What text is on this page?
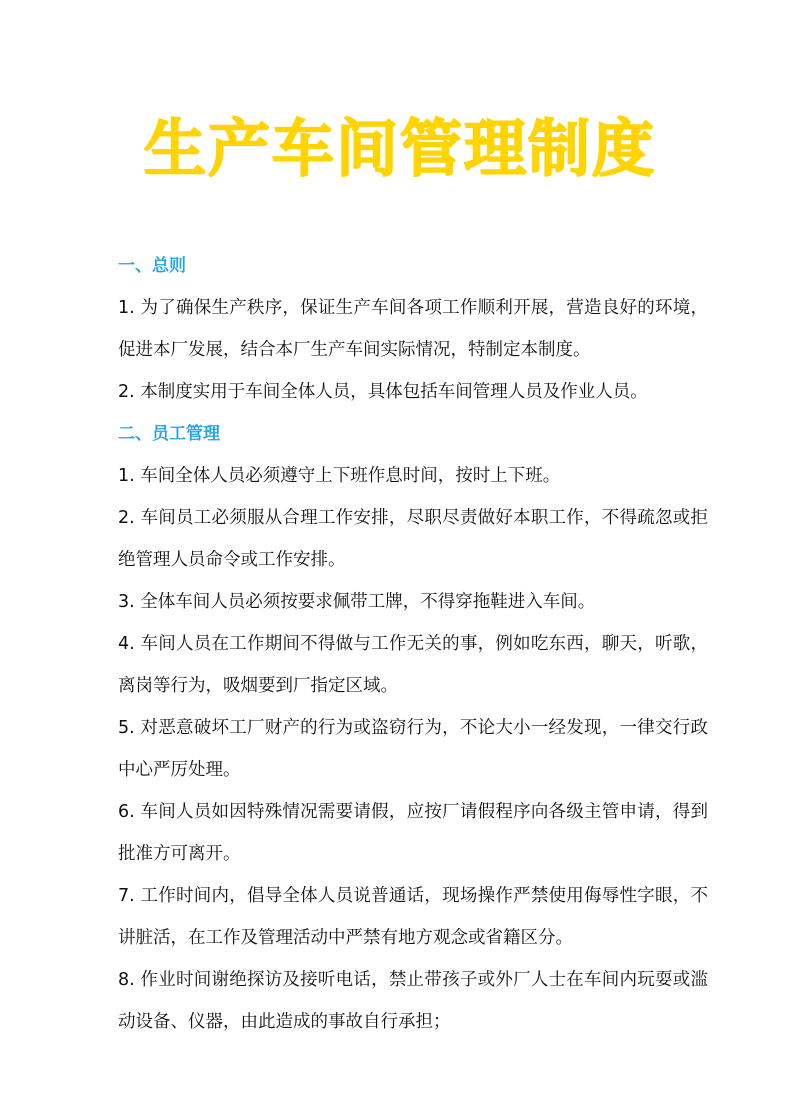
生产车间管理制度

一、总则

1. 为了确保生产秩序，保证生产车间各项工作顺利开展，营造良好的环境，促进本厂发展，结合本厂生产车间实际情况，特制定本制度。

2. 本制度实用于车间全体人员，具体包括车间管理人员及作业人员。

二、员工管理

1. 车间全体人员必须遵守上下班作息时间，按时上下班。

2. 车间员工必须服从合理工作安排，尽职尽责做好本职工作，不得疏忽或拒绝管理人员命令或工作安排。

3. 全体车间人员必须按要求佩带工牌，不得穿拖鞋进入车间。

4. 车间人员在工作期间不得做与工作无关的事，例如吃东西，聊天，听歌，离岗等行为，吸烟要到厂指定区域。

5. 对恶意破坏工厂财产的行为或盗窃行为，不论大小一经发现，一律交行政中心严厉处理。

6. 车间人员如因特殊情况需要请假，应按厂请假程序向各级主管申请，得到批准方可离开。

7. 工作时间内，倡导全体人员说普通话，现场操作严禁使用侮辱性字眼，不讲脏活，在工作及管理活动中严禁有地方观念或省籍区分。

8. 作业时间谢绝探访及接听电话，禁止带孩子或外厂人士在车间内玩耍或滥动设备、仪器，由此造成的事故自行承担；
